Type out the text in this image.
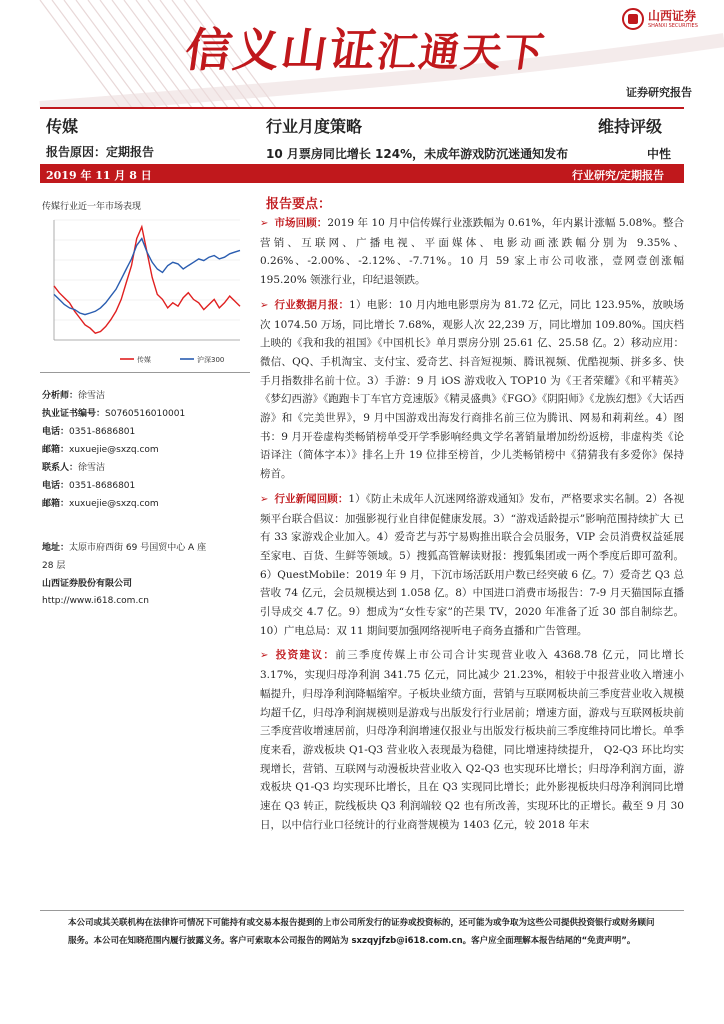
信义山证汇通天下
山西证券
SHANXI SECURITIES
证券研究报告
传媒	行业月度策略	维持评级
报告原因：定期报告	10 月票房同比增长 124%，未成年游戏防沉迷通知发布	中性
2019 年 11 月 8 日	行业研究/定期报告
传媒行业近一年市场表现
传媒	沪深300
分析师：徐雪洁
执业证书编号：S0760516010001
电话：0351-8686801
邮箱：xuxuejie@sxzq.com
联系人：徐雪洁
电话：0351-8686801
邮箱：xuxuejie@sxzq.com
地址：太原市府西街 69 号国贸中心 A 座
28 层
山西证券股份有限公司
http://www.i618.com.cn
报告要点：

➢ 市场回顾：2019 年 10 月中信传媒行业涨跌幅为 0.61%，年内累计涨幅 5.08%。整合营销、互联网、广播电视、平面媒体、电影动画涨跌幅分别为 9.35%、0.26%、-2.00%、-2.12%、-7.71%。10 月 59 家上市公司收涨，壹网壹创涨幅 195.20% 领涨行业，印纪退领跌。

➢ 行业数据月报：1）电影：10 月内地电影票房为 81.72 亿元，同比 123.95%，放映场次 1074.50 万场，同比增长 7.68%，观影人次 22,239 万，同比增加 109.80%。国庆档上映的《我和我的祖国》《中国机长》单月票房分别 25.61 亿、25.58 亿。2）移动应用：微信、QQ、手机淘宝、支付宝、爱奇艺、抖音短视频、腾讯视频、优酷视频、拼多多、快手月指数排名前十位。3）手游：9 月 iOS 游戏收入 TOP10 为《王者荣耀》《和平精英》《梦幻西游》《跑跑卡丁车官方竞速版》《精灵盛典》《FGO》《阴阳师》《龙族幻想》《大话西游》和《完美世界》，9 月中国游戏出海发行商排名前三位为腾讯、网易和莉莉丝。4）图书：9 月开卷虚构类畅销榜单受开学季影响经典文学名著销量增加纷纷返榜，非虚构类《论语译注（简体字本）》排名上升 19 位排至榜首，少儿类畅销榜中《猜猜我有多爱你》保持榜首。

➢ 行业新闻回顾：1）《防止未成年人沉迷网络游戏通知》发布，严格要求实名制。2）各视频平台联合倡议：加强影视行业自律促健康发展。3）“游戏适龄提示”影响范围持续扩大 已有 33 家游戏企业加入。4）爱奇艺与苏宁易购推出联合会员服务，VIP 会员消费权益延展至家电、百货、生鲜等领域。5）搜狐高管解读财报：搜狐集团或一两个季度后即可盈利。6）QuestMobile：2019 年 9 月，下沉市场活跃用户数已经突破 6 亿。7）爱奇艺 Q3 总营收 74 亿元，会员规模达到 1.058 亿。8）中国进口消费市场报告：7-9 月天猫国际直播引导成交 4.7 亿。9）想成为“女性专家”的芒果 TV，2020 年准备了近 30 部自制综艺。10）广电总局：双 11 期间要加强网络视听电子商务直播和广告管理。

➢ 投资建议：前三季度传媒上市公司合计实现营业收入 4368.78 亿元，同比增长 3.17%，实现归母净利润 341.75 亿元，同比减少 21.23%，相较于中报营业收入增速小幅提升，归母净利润降幅缩窄。子板块业绩方面，营销与互联网板块前三季度营业收入规模均超千亿，归母净利润规模则是游戏与出版发行行业居前；增速方面，游戏与互联网板块前三季度营收增速居前，归母净利润增速仅报业与出版发行板块前三季度维持同比增长。单季度来看，游戏板块 Q1-Q3 营业收入表现最为稳健，同比增速持续提升， Q2-Q3 环比均实现增长，营销、互联网与动漫板块营业收入 Q2-Q3 也实现环比增长；归母净利润方面，游戏板块 Q1-Q3 均实现环比增长，且在 Q3 实现同比增长；此外影视板块归母净利润同比增速在 Q3 转正，院线板块 Q3 利润端较 Q2 也有所改善，实现环比的正增长。截至 9 月 30 日，以中信行业口径统计的行业商誉规模为 1403 亿元，较 2018 年末

本公司或其关联机构在法律许可情况下可能持有或交易本报告提到的上市公司所发行的证券或投资标的，还可能为或争取为这些公司提供投资银行或财务顾问服务。本公司在知晓范围内履行披露义务。客户可索取本公司报告的网站为 sxzqyjfzb@i618.com.cn。客户应全面理解本报告结尾的“免责声明”。
